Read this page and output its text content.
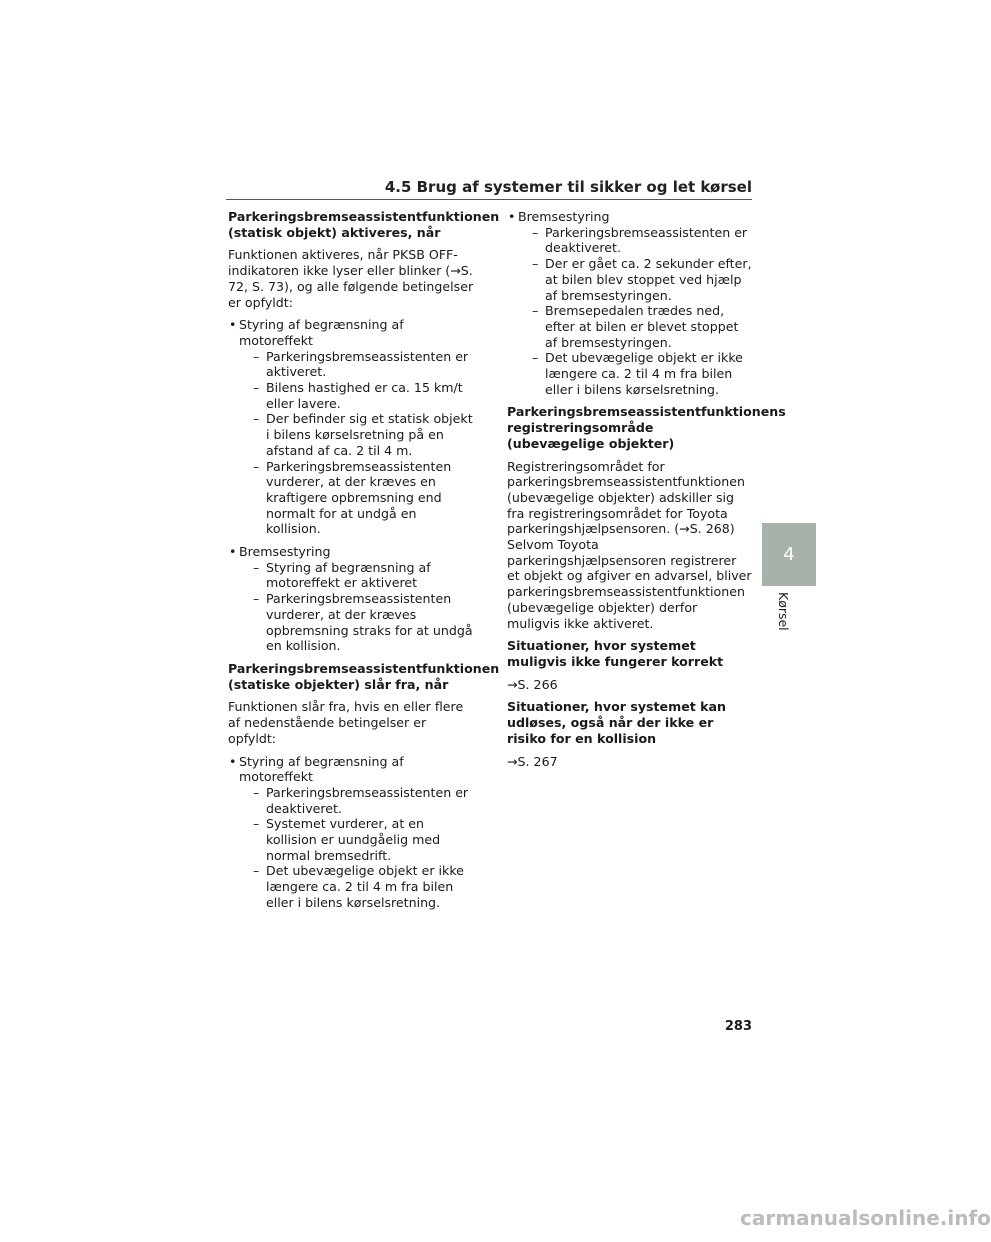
4.5 Brug af systemer til sikker og let kørsel
Parkeringsbremseassistentfunktionen (statisk objekt) aktiveres, når
Funktionen aktiveres, når PKSB OFF-indikatoren ikke lyser eller blinker (→S. 72, S. 73), og alle følgende betingelser er opfyldt:
• Styring af begrænsning af motoreffekt
– Parkeringsbremseassistenten er aktiveret.
– Bilens hastighed er ca. 15 km/t eller lavere.
– Der befinder sig et statisk objekt i bilens kørselsretning på en afstand af ca. 2 til 4 m.
– Parkeringsbremseassistenten vurderer, at der kræves en kraftigere opbremsning end normalt for at undgå en kollision.
• Bremsestyring
– Styring af begrænsning af motoreffekt er aktiveret
– Parkeringsbremseassistenten vurderer, at der kræves opbremsning straks for at undgå en kollision.
Parkeringsbremseassistentfunktionen (statiske objekter) slår fra, når
Funktionen slår fra, hvis en eller flere af nedenstående betingelser er opfyldt:
• Styring af begrænsning af motoreffekt
– Parkeringsbremseassistenten er deaktiveret.
– Systemet vurderer, at en kollision er uundgåelig med normal bremsedrift.
– Det ubevægelige objekt er ikke længere ca. 2 til 4 m fra bilen eller i bilens kørselsretning.
• Bremsestyring
– Parkeringsbremseassistenten er deaktiveret.
– Der er gået ca. 2 sekunder efter, at bilen blev stoppet ved hjælp af bremsestyringen.
– Bremsepedalen trædes ned, efter at bilen er blevet stoppet af bremsestyringen.
– Det ubevægelige objekt er ikke længere ca. 2 til 4 m fra bilen eller i bilens kørselsretning.
Parkeringsbremseassistentfunktionens registreringsområde (ubevægelige objekter)
Registreringsområdet for parkeringsbremseassistentfunktionen (ubevægelige objekter) adskiller sig fra registreringsområdet for Toyota parkeringshjælpsensoren. (→S. 268) Selvom Toyota parkeringshjælpsensoren registrerer et objekt og afgiver en advarsel, bliver parkeringsbremseassistentfunktionen (ubevægelige objekter) derfor muligvis ikke aktiveret.
Situationer, hvor systemet muligvis ikke fungerer korrekt
→S. 266
Situationer, hvor systemet kan udløses, også når der ikke er risiko for en kollision
→S. 267
4
Kørsel
283
carmanualsonline.info
